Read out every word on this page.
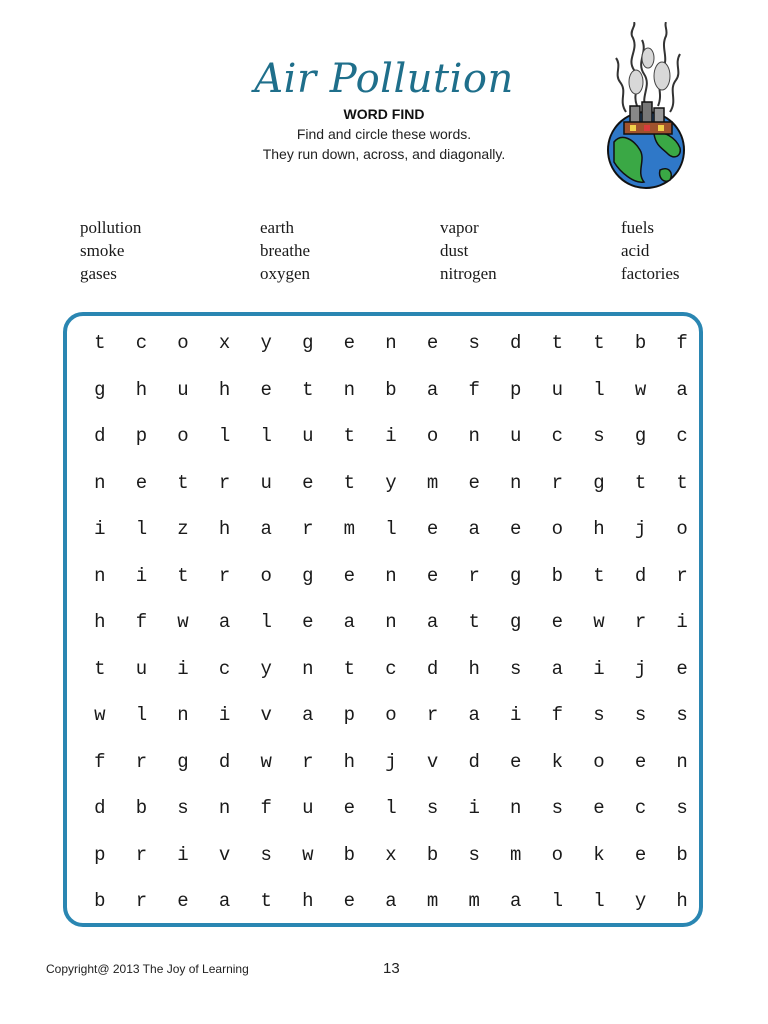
Air Pollution
WORD FIND
Find and circle these words.
They run down, across, and diagonally.
pollution
smoke
gases
earth
breathe
oxygen
vapor
dust
nitrogen
fuels
acid
factories
t	c	o	x	y	g	e	n	e	s	d	t	t	b	f
g	h	u	h	e	t	n	b	a	f	p	u	l	w	a
d	p	o	l	l	u	t	i	o	n	u	c	s	g	c
n	e	t	r	u	e	t	y	m	e	n	r	g	t	t
i	l	z	h	a	r	m	l	e	a	e	o	h	j	o
n	i	t	r	o	g	e	n	e	r	g	b	t	d	r
h	f	w	a	l	e	a	n	a	t	g	e	w	r	i
t	u	i	c	y	n	t	c	d	h	s	a	i	j	e
w	l	n	i	v	a	p	o	r	a	i	f	s	s	s
f	r	g	d	w	r	h	j	v	d	e	k	o	e	n
d	b	s	n	f	u	e	l	s	i	n	s	e	c	s
p	r	i	v	s	w	b	x	b	s	m	o	k	e	b
b	r	e	a	t	h	e	a	m	m	a	l	l	y	h
Copyright@ 2013 The Joy of Learning	13
